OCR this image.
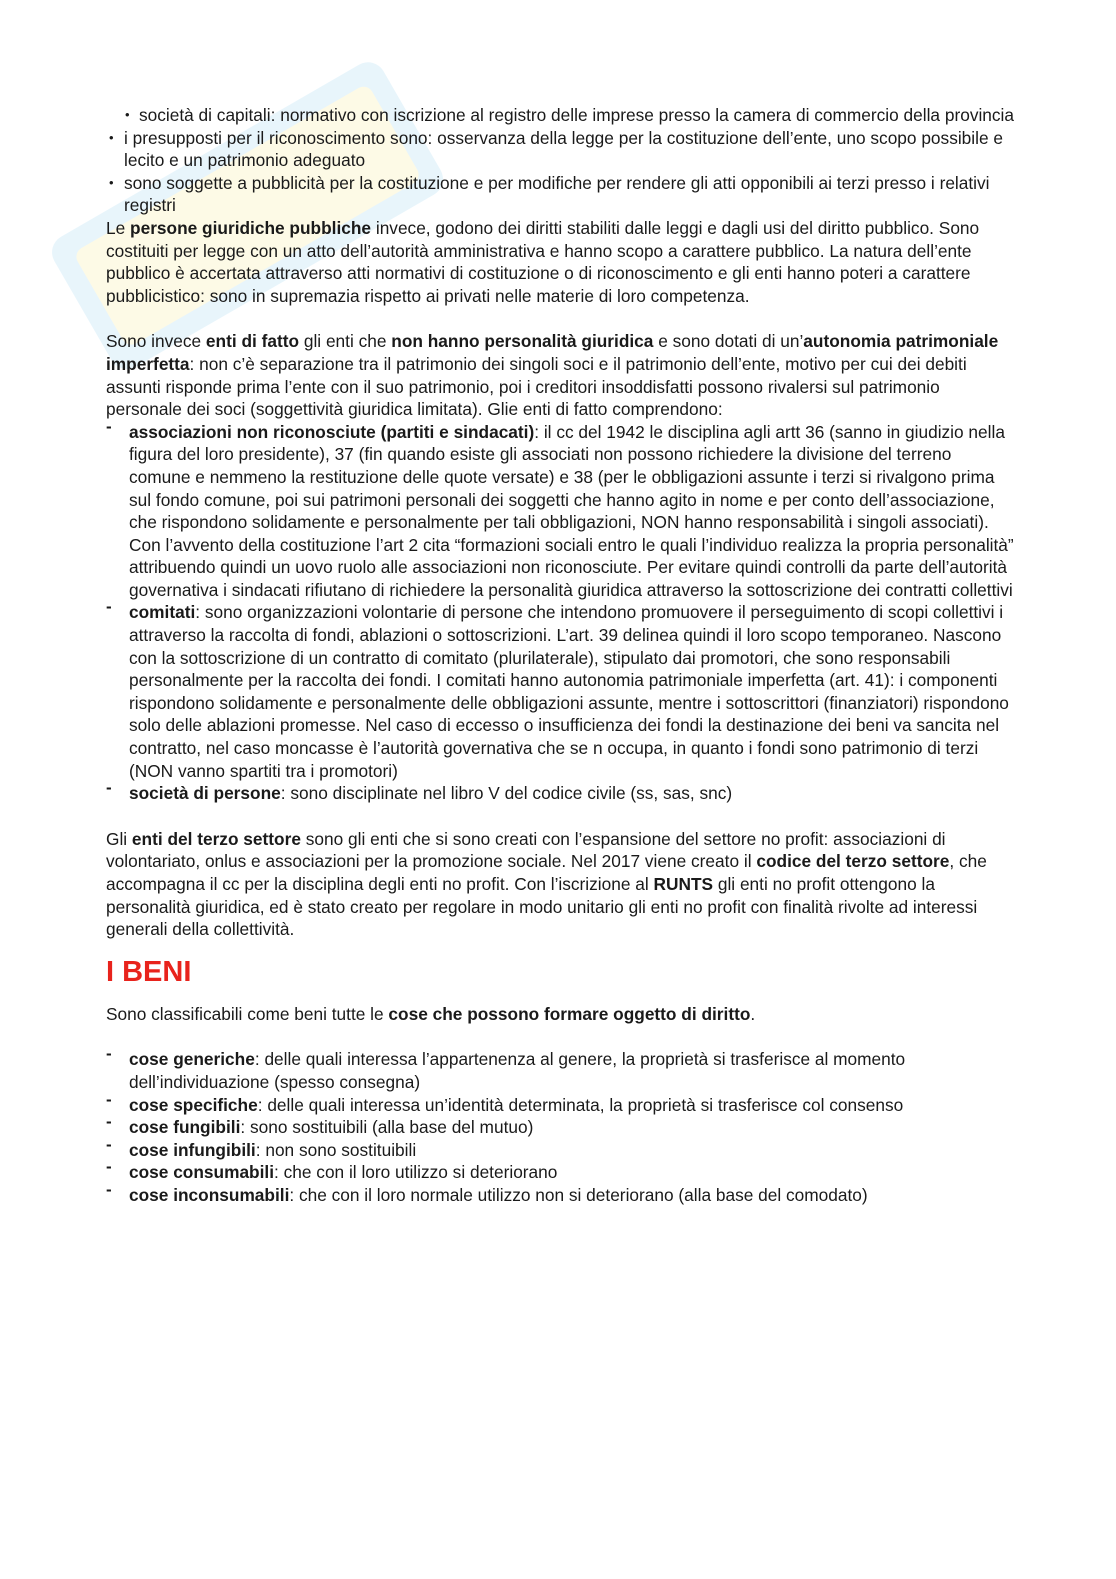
• società di capitali: normativo con iscrizione al registro delle imprese presso la camera di commercio della provincia
• i presupposti per il riconoscimento sono: osservanza della legge per la costituzione dell’ente, uno scopo possibile e lecito e un patrimonio adeguato
• sono soggette a pubblicità per la costituzione e per modifiche per rendere gli atti opponibili ai terzi presso i relativi registri

Le persone giuridiche pubbliche invece, godono dei diritti stabiliti dalle leggi e dagli usi del diritto pubblico. Sono costituiti per legge con un atto dell’autorità amministrativa e hanno scopo a carattere pubblico. La natura dell’ente pubblico è accertata attraverso atti normativi di costituzione o di riconoscimento e gli enti hanno poteri a carattere pubblicistico: sono in supremazia rispetto ai privati nelle materie di loro competenza.

Sono invece enti di fatto gli enti che non hanno personalità giuridica e sono dotati di un’autonomia patrimoniale imperfetta: non c’è separazione tra il patrimonio dei singoli soci e il patrimonio dell’ente, motivo per cui dei debiti assunti risponde prima l’ente con il suo patrimonio, poi i creditori insoddisfatti possono rivalersi sul patrimonio personale dei soci (soggettività giuridica limitata). Glie enti di fatto comprendono:

- associazioni non riconosciute (partiti e sindacati): il cc del 1942 le disciplina agli artt 36 (sanno in giudizio nella figura del loro presidente), 37 (fin quando esiste gli associati non possono richiedere la divisione del terreno comune e nemmeno la restituzione delle quote versate) e 38 (per le obbligazioni assunte i terzi si rivalgono prima sul fondo comune, poi sui patrimoni personali dei soggetti che hanno agito in nome e per conto dell’associazione, che rispondono solidamente e personalmente per tali obbligazioni, NON hanno responsabilità i singoli associati). Con l’avvento della costituzione l’art 2 cita “formazioni sociali entro le quali l’individuo realizza la propria personalità” attribuendo quindi un uovo ruolo alle associazioni non riconosciute. Per evitare quindi controlli da parte dell’autorità governativa i sindacati rifiutano di richiedere la personalità giuridica attraverso la sottoscrizione dei contratti collettivi
- comitati: sono organizzazioni volontarie di persone che intendono promuovere il perseguimento di scopi collettivi i attraverso la raccolta di fondi, ablazioni o sottoscrizioni. L’art. 39 delinea quindi il loro scopo temporaneo. Nascono con la sottoscrizione di un contratto di comitato (plurilaterale), stipulato dai promotori, che sono responsabili personalmente per la raccolta dei fondi. I comitati hanno autonomia patrimoniale imperfetta (art. 41): i componenti rispondono solidamente e personalmente delle obbligazioni assunte, mentre i sottoscrittori (finanziatori) rispondono solo delle ablazioni promesse. Nel caso di eccesso o insufficienza dei fondi la destinazione dei beni va sancita nel contratto, nel caso moncasse è l’autorità governativa che se n occupa, in quanto i fondi sono patrimonio di terzi (NON vanno spartiti tra i promotori)
- società di persone: sono disciplinate nel libro V del codice civile (ss, sas, snc)

Gli enti del terzo settore sono gli enti che si sono creati con l’espansione del settore no profit: associazioni di volontariato, onlus e associazioni per la promozione sociale. Nel 2017 viene creato il codice del terzo settore, che accompagna il cc per la disciplina degli enti no profit. Con l’iscrizione al RUNTS gli enti no profit ottengono la personalità giuridica, ed è stato creato per regolare in modo unitario gli enti no profit con finalità rivolte ad interessi generali della collettività.

I BENI

Sono classificabili come beni tutte le cose che possono formare oggetto di diritto.

- cose generiche: delle quali interessa l’appartenenza al genere, la proprietà si trasferisce al momento dell’individuazione (spesso consegna)
- cose specifiche: delle quali interessa un’identità determinata, la proprietà si trasferisce col consenso
- cose fungibili: sono sostituibili (alla base del mutuo)
- cose infungibili: non sono sostituibili
- cose consumabili: che con il loro utilizzo si deteriorano
- cose inconsumabili: che con il loro normale utilizzo non si deteriorano (alla base del comodato)
